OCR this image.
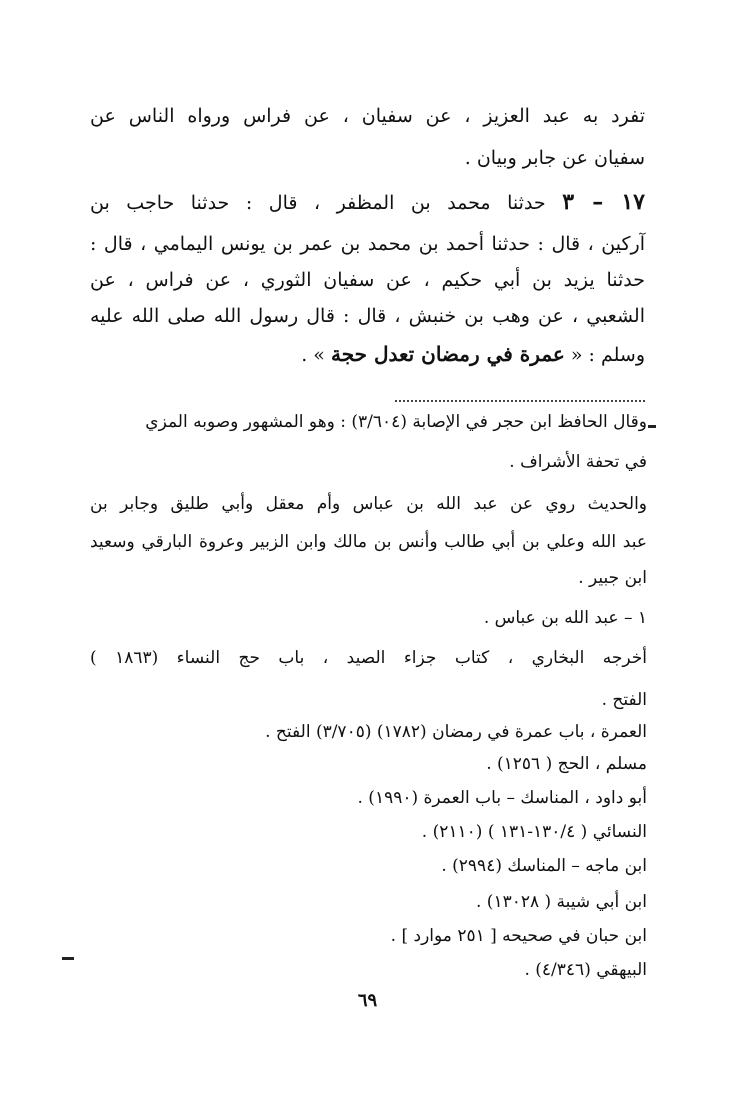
تفرد به عبد العزيز ، عن سفيان ، عن فراس ورواه الناس عن
سفيان عن جابر وبيان .
١٧ – ٣ حدثنا محمد بن المظفر ، قال : حدثنا حاجب بن
آركين ، قال : حدثنا أحمد بن محمد بن عمر بن يونس اليمامي ، قال :
حدثنا يزيد بن أبي حكيم ، عن سفيان الثوري ، عن فراس ، عن
الشعبي ، عن وهب بن خنبش ، قال : قال رسول الله صلى الله عليه
وسلم : « عمرة في رمضان تعدل حجة » .
وقال الحافظ ابن حجر في الإصابة (٣/٦٠٤) : وهو المشهور وصوبه المزي
في تحفة الأشراف .
والحديث روي عن عبد الله بن عباس وأم معقل وأبي طليق وجابر بن
عبد الله وعلي بن أبي طالب وأنس بن مالك وابن الزبير وعروة البارقي وسعيد
ابن جبير .
١ – عبد الله بن عباس .
أخرجه البخاري ، كتاب جزاء الصيد ، باب حج النساء (١٨٦٣ )
الفتح .
العمرة ، باب عمرة في رمضان (١٧٨٢) (٣/٧٠٥) الفتح .
مسلم ، الحج ( ١٢٥٦) .
أبو داود ، المناسك – باب العمرة (١٩٩٠) .
النسائي ( ١٣٠/٤-١٣١ ) (٢١١٠) .
ابن ماجه – المناسك (٢٩٩٤) .
ابن أبي شيبة ( ١٣٠٢٨) .
ابن حبان في صحيحه [ ٢٥١ موارد ] .
البيهقي (٤/٣٤٦) .
٦٩
